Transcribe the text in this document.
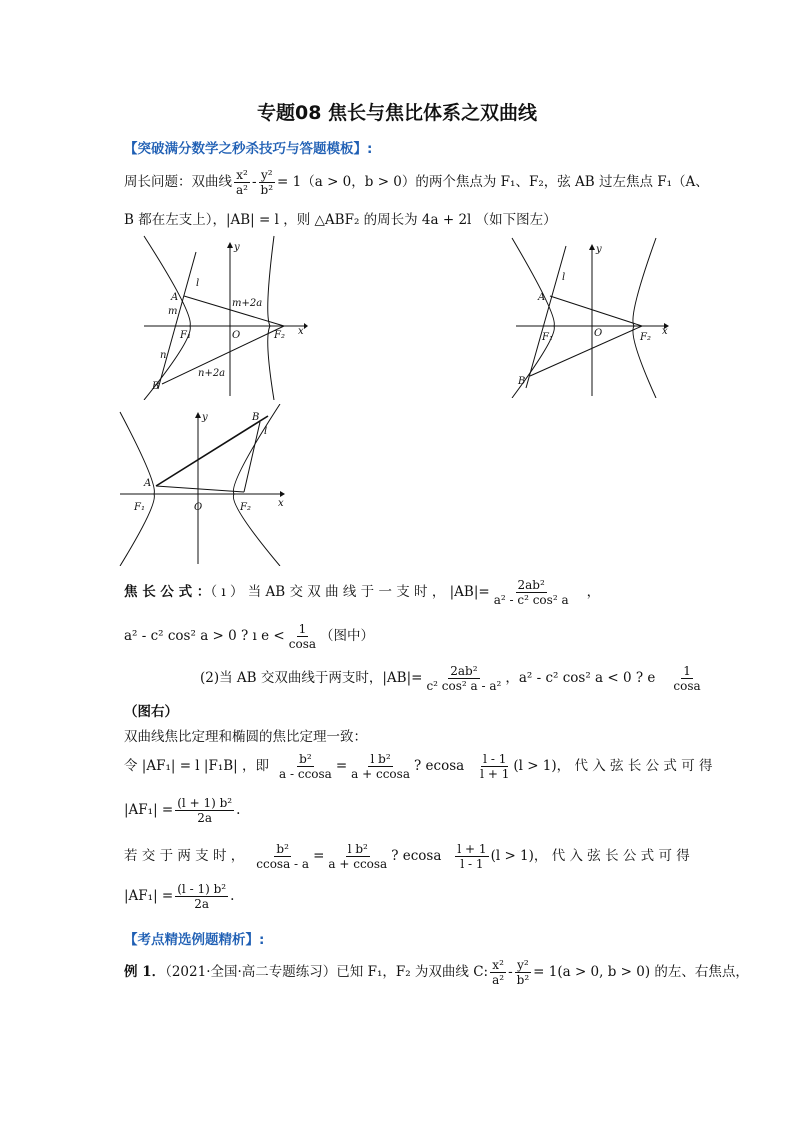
专题08 焦长与焦比体系之双曲线
【突破满分数学之秒杀技巧与答题模板】:
周长问题：双曲线 $\frac{\text{x²}}{\text{a²}} - \frac{\text{y²}}{\text{b²}} = 1(a > 0$，b > 0）的两个焦点为 F₁、F₂，弦 AB 过左焦点 F₁（A、
B 都在左支上），|AB| = l ，则 △ABF₂ 的周长为 4a + 2l （如下图左）
A
B
l
m
n
m+2a
n+2a
F₁	F₂
O	x
y
A
B
l
F₁	F₂
O	x
y
A
B
l
F₁	F₂
O	x
y
焦 长 公 式 ：（ ı ） 当 AB 交 双 曲 线 于 一 支 时 ， $|AB|= \frac{\text{2ab²}}{\text{a² - c² cos² a}}$ ，
a² - c² cos² a > 0 ? ı $e < \frac{1}{\cos a}$ （图中）
(2)当 AB 交双曲线于两支时，$|AB|= \frac{\text{2ab²}}{\text{c² cos² a - a²}}$ ，a² - c² cos² a < 0 ? e $\frac{1}{\cos a}$
（图右）
双曲线焦比定理和椭圆的焦比定理一致：
令 |AF₁| = l |F₁B| ，即 $\frac{\text{b²}}{a - ccosa} = \frac{\text{l b²}}{a + ccosa}$ ? ecosa $\frac{l - 1}{l + 1} (l > 1)$， 代 入 弦 长 公 式 可 得
$|AF_1| = \frac{\text{(l + 1) b²}}{2a}$ .
若 交 于 两 支 时 ， $\frac{\text{b²}}{ccosa - a} = \frac{\text{l b²}}{a + ccosa}$ ? ecosa $\frac{l + 1}{l - 1} (l > 1)$， 代 入 弦 长 公 式 可 得
$|AF_1| = \frac{\text{(l - 1) b²}}{2a}$ .
【考点精选例题精析】:
例 1．（2021·全国·高二专题练习）已知 F₁，F₂ 为双曲线 C: $\frac{\text{x²}}{\text{a²}} - \frac{\text{y²}}{\text{b²}} = 1(a > 0$, b > 0) 的左、右焦点，
